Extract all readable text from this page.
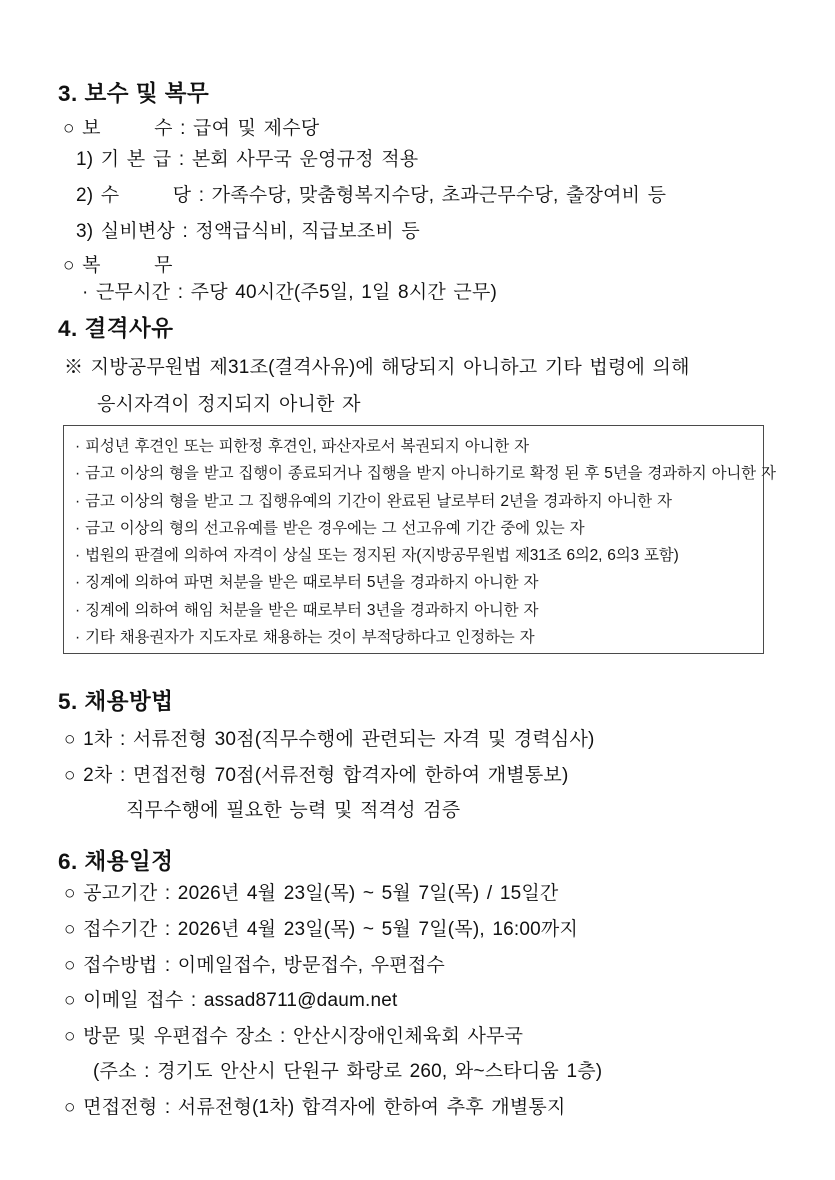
3. 보수 및 복무
○ 보　　  수 : 급여 및 제수당
1) 기 본 급 : 본회 사무국 운영규정 적용
2) 수　　  당 : 가족수당, 맞춤형복지수당, 초과근무수당, 출장여비 등
3) 실비변상 : 정액급식비, 직급보조비 등
○ 복　　  무
· 근무시간 : 주당 40시간(주5일, 1일 8시간 근무)
4. 결격사유
※ 지방공무원법 제31조(결격사유)에 해당되지 아니하고 기타 법령에 의해
응시자격이 정지되지 아니한 자
· 피성년 후견인 또는 피한정 후견인, 파산자로서 복권되지 아니한 자
· 금고 이상의 형을 받고 집행이 종료되거나 집행을 받지 아니하기로 확정 된 후 5년을 경과하지 아니한 자
· 금고 이상의 형을 받고 그 집행유예의 기간이 완료된 날로부터 2년을 경과하지 아니한 자
· 금고 이상의 형의 선고유예를 받은 경우에는 그 선고유예 기간 중에 있는 자
· 법원의 판결에 의하여 자격이 상실 또는 정지된 자(지방공무원법 제31조 6의2, 6의3 포함)
· 징계에 의하여 파면 처분을 받은 때로부터 5년을 경과하지 아니한 자
· 징계에 의하여 해임 처분을 받은 때로부터 3년을 경과하지 아니한 자
· 기타 채용권자가 지도자로 채용하는 것이 부적당하다고 인정하는 자
5. 채용방법
○ 1차 : 서류전형 30점(직무수행에 관련되는 자격 및 경력심사)
○ 2차 : 면접전형 70점(서류전형 합격자에 한하여 개별통보)
직무수행에 필요한 능력 및 적격성 검증
6. 채용일정
○ 공고기간 : 2026년 4월 23일(목) ~ 5월 7일(목) / 15일간
○ 접수기간 : 2026년 4월 23일(목) ~ 5월 7일(목), 16:00까지
○ 접수방법 : 이메일접수, 방문접수, 우편접수
○ 이메일 접수 : assad8711@daum.net
○ 방문 및 우편접수 장소 : 안산시장애인체육회 사무국
(주소 : 경기도 안산시 단원구 화랑로 260, 와~스타디움 1층)
○ 면접전형 : 서류전형(1차) 합격자에 한하여 추후 개별통지
